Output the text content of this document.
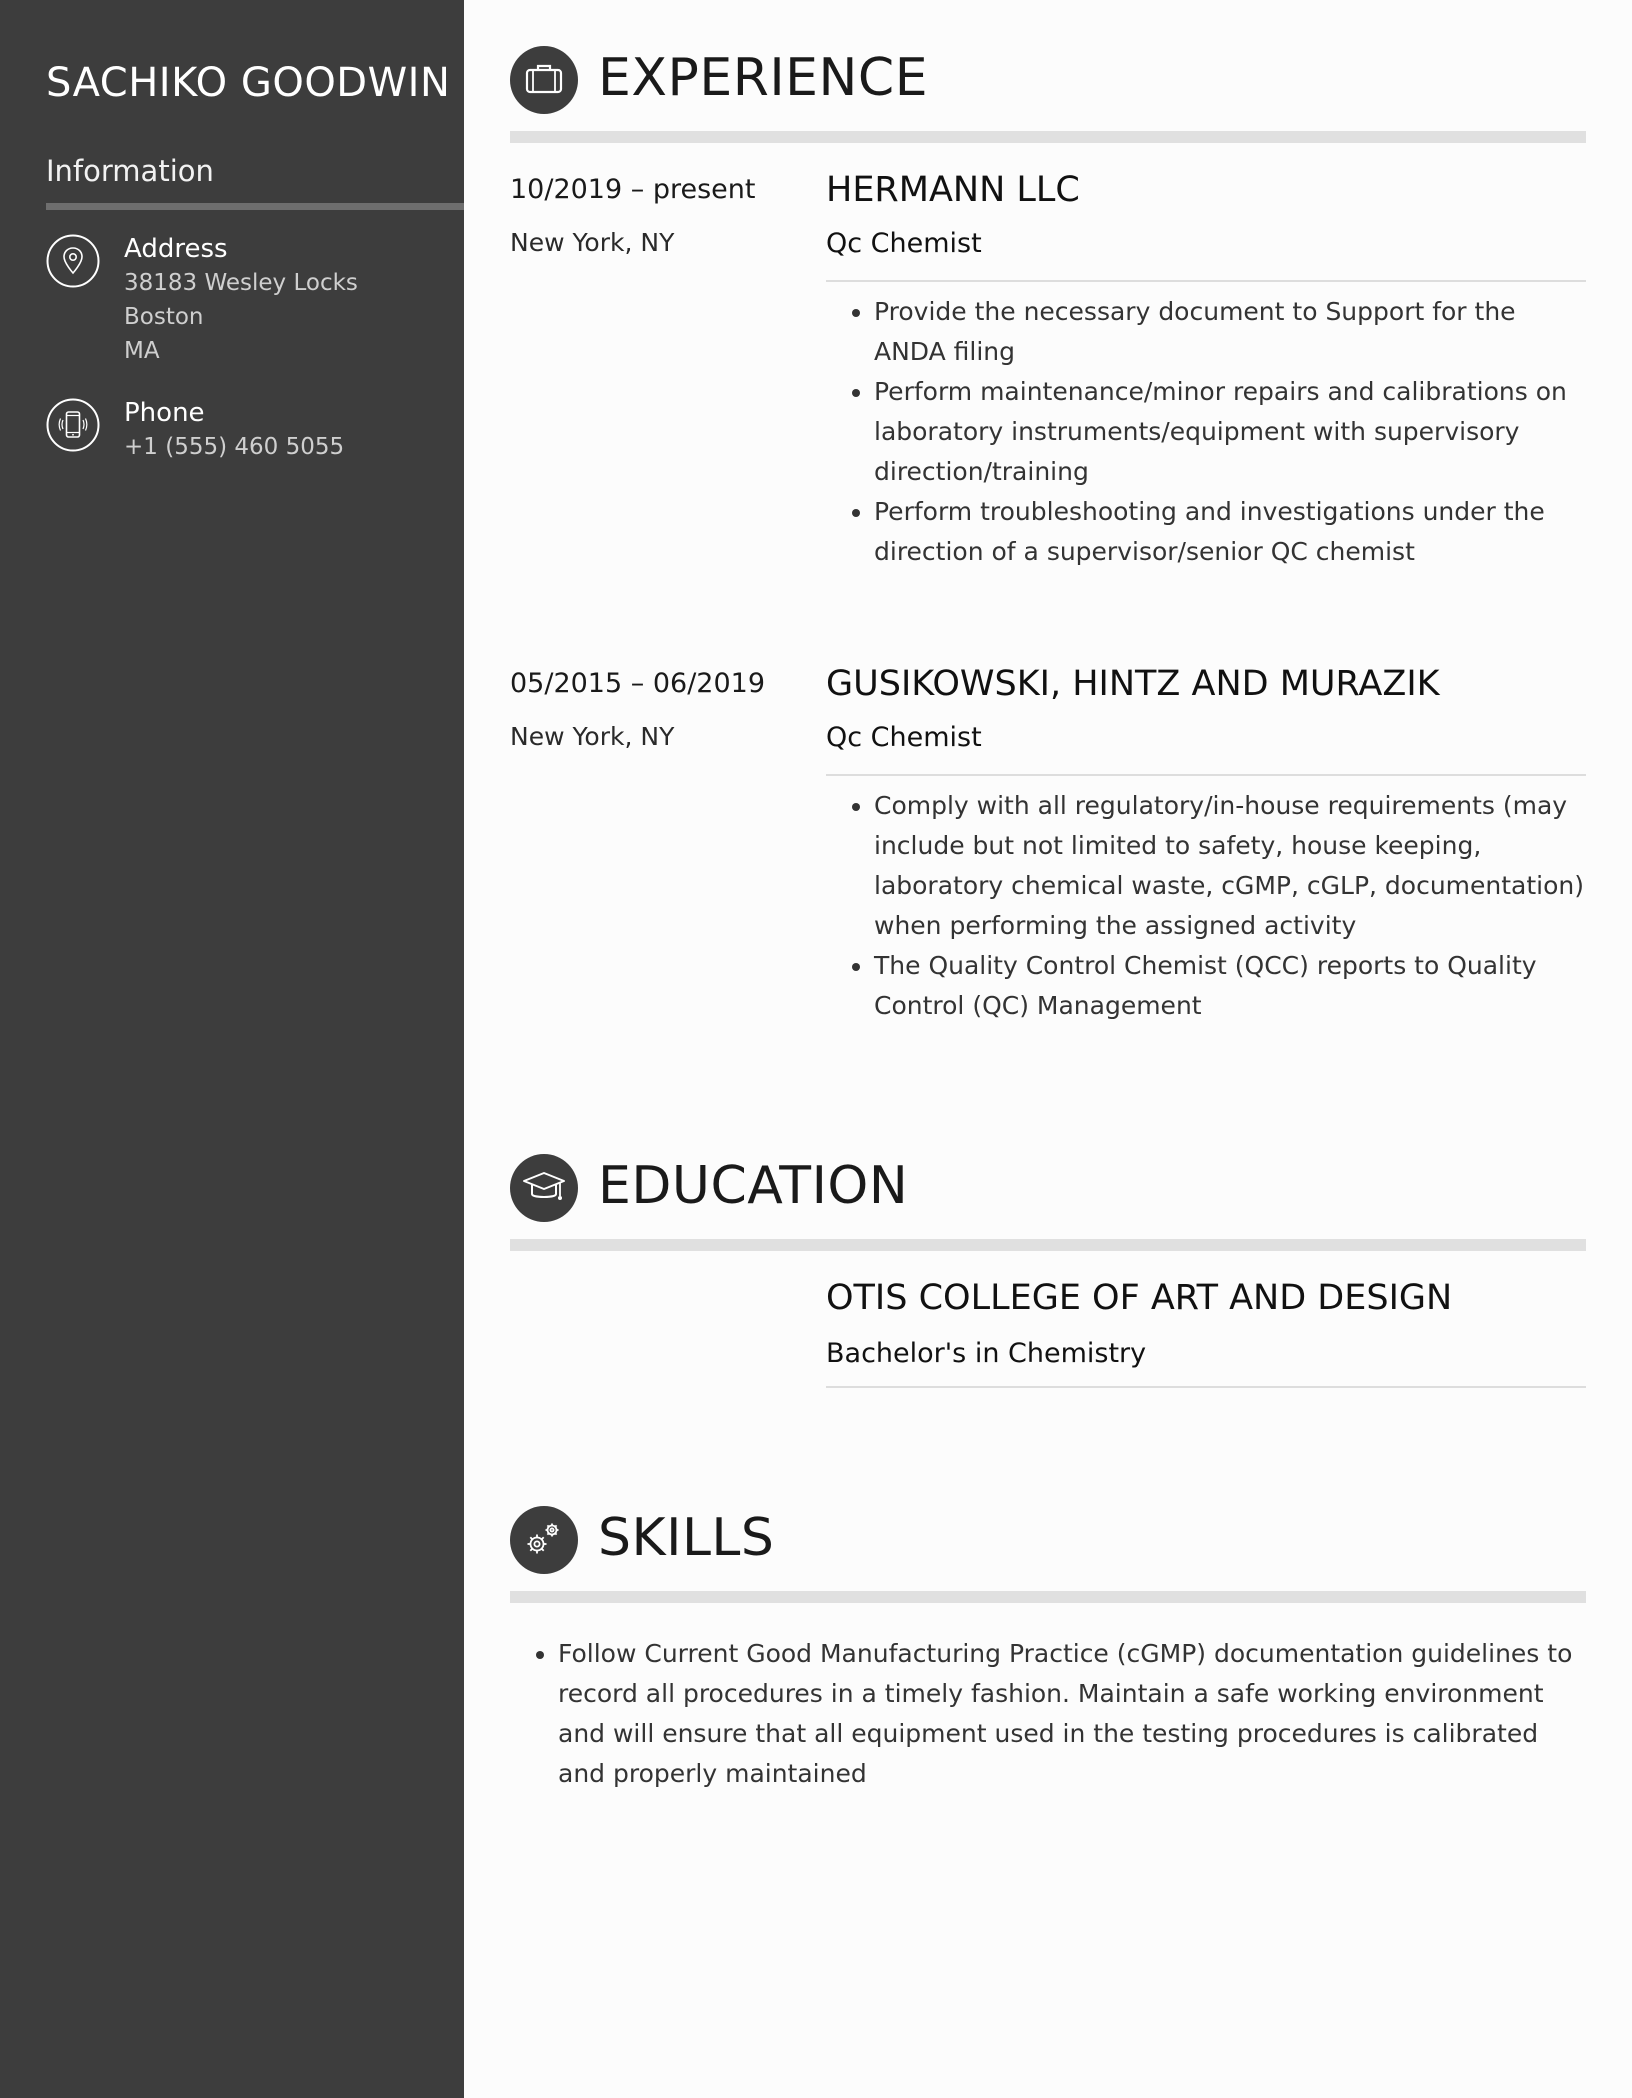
SACHIKO GOODWIN
Information
Address
38183 Wesley Locks
Boston
MA
Phone
+1 (555) 460 5055
EXPERIENCE
10/2019 – present
New York, NY
HERMANN LLC
Qc Chemist
• Provide the necessary document to Support for the ANDA filing
• Perform maintenance/minor repairs and calibrations on laboratory instruments/equipment with supervisory direction/training
• Perform troubleshooting and investigations under the direction of a supervisor/senior QC chemist
05/2015 – 06/2019
New York, NY
GUSIKOWSKI, HINTZ AND MURAZIK
Qc Chemist
• Comply with all regulatory/in-house requirements (may include but not limited to safety, house keeping, laboratory chemical waste, cGMP, cGLP, documentation) when performing the assigned activity
• The Quality Control Chemist (QCC) reports to Quality Control (QC) Management
EDUCATION
OTIS COLLEGE OF ART AND DESIGN
Bachelor's in Chemistry
SKILLS
• Follow Current Good Manufacturing Practice (cGMP) documentation guidelines to record all procedures in a timely fashion. Maintain a safe working environment and will ensure that all equipment used in the testing procedures is calibrated and properly maintained
